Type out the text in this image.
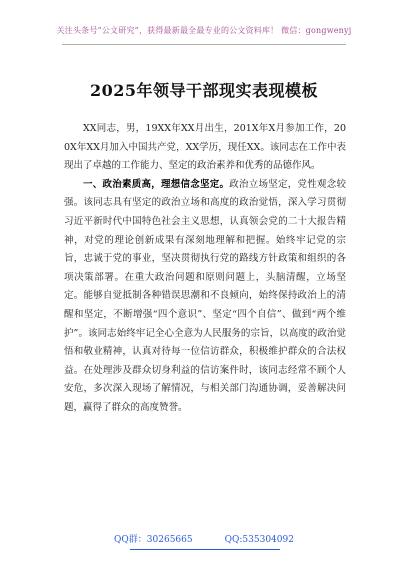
关注头条号“公文研究”，获得最新最全最专业的公文资料库！ 微信：gongwenyj
2025年领导干部现实表现模板

XX同志，男，19XX年XX月出生，201X年X月参加工作，200X年XX月加入中国共产党，XX学历，现任XX。该同志在工作中表现出了卓越的工作能力、坚定的政治素养和优秀的品德作风。

一、政治素质高，理想信念坚定。政治立场坚定，党性观念较强。该同志具有坚定的政治立场和高度的政治觉悟，深入学习贯彻习近平新时代中国特色社会主义思想，认真领会党的二十大报告精神，对党的理论创新成果有深刻地理解和把握。始终牢记党的宗旨，忠诚于党的事业，坚决贯彻执行党的路线方针政策和组织的各项决策部署。在重大政治问题和原则问题上，头脑清醒，立场坚定。能够自觉抵制各种错误思潮和不良倾向，始终保持政治上的清醒和坚定，不断增强“四个意识”、坚定“四个自信”、做到“两个维护”。该同志始终牢记全心全意为人民服务的宗旨，以高度的政治觉悟和敬业精神，认真对待每一位信访群众，积极维护群众的合法权益。在处理涉及群众切身利益的信访案件时，该同志经常不顾个人安危，多次深入现场了解情况，与相关部门沟通协调，妥善解决问题，赢得了群众的高度赞誉。

QQ群：30265665	QQ:535304092
